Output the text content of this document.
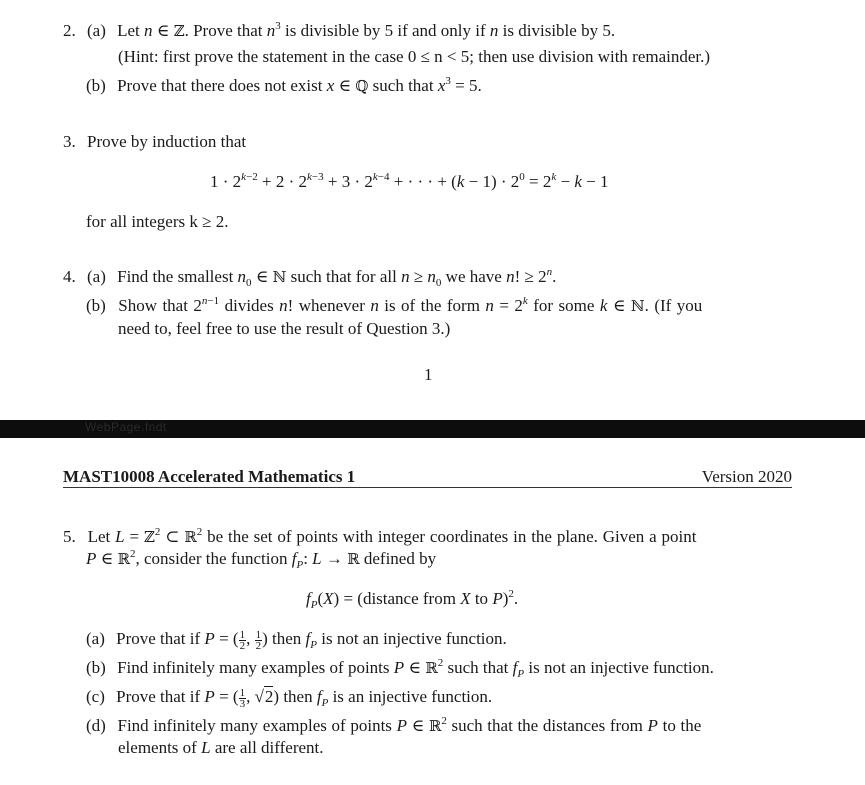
2. (a) Let n ∈ ℤ. Prove that $n^3$ is divisible by 5 if and only if n is divisible by 5.
(Hint: first prove the statement in the case 0 ≤ n < 5; then use division with remainder.)
(b) Prove that there does not exist x ∈ ℚ such that $x^3 = 5$.
3. Prove by induction that
$1 \cdot 2^{k-2} + 2 \cdot 2^{k-3} + 3 \cdot 2^{k-4}$ + · · · + $(k - 1) \cdot 2^0 = 2^k - k - 1$
for all integers k ≥ 2.
4. (a) Find the smallest $n_0$ ∈ ℕ such that for all $n \ge n_0$ we have n! ≥ $2^n$.
(b) Show that $2^{n-1}$ divides n! whenever n is of the form $n = 2^k$ for some k ∈ ℕ. (If you
need to, feel free to use the result of Question 3.)
1
WebPage.fndt
MAST10008 Accelerated Mathematics 1	Version 2020
5. Let L = ℤ$^2$ ⊂ ℝ$^2$ be the set of points with integer coordinates in the plane. Given a point
P ∈ ℝ$^2$, consider the function $f_P$: L → ℝ defined by
$f_P(X)$ = (distance from X to P)$^2$.
(a) Prove that if P = ( $\frac{1}{2}$ , $\frac{1}{2}$ ) then $f_P$ is not an injective function.
(b) Find infinitely many examples of points P ∈ ℝ$^2$ such that $f_P$ is not an injective function.
(c) Prove that if P = ( $\frac{1}{3}$ , √2) then $f_P$ is an injective function.
(d) Find infinitely many examples of points P ∈ ℝ$^2$ such that the distances from P to the
elements of L are all different.
